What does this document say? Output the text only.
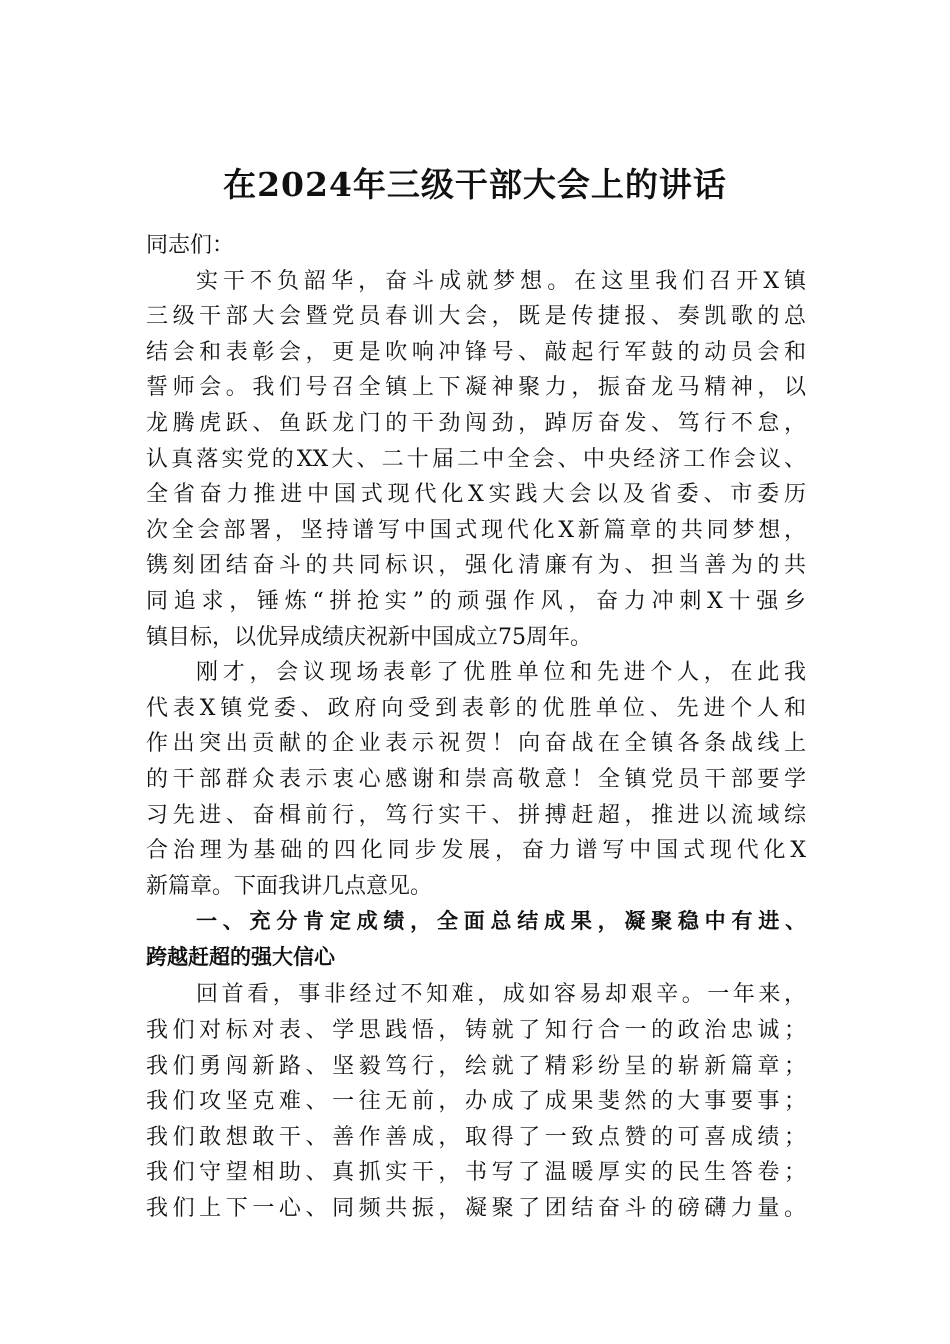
在2024年三级干部大会上的讲话
同志们：
实干不负韶华，奋斗成就梦想。在这里我们召开X镇
三级干部大会暨党员春训大会，既是传捷报、奏凯歌的总
结会和表彰会，更是吹响冲锋号、敲起行军鼓的动员会和
誓师会。我们号召全镇上下凝神聚力，振奋龙马精神，以
龙腾虎跃、鱼跃龙门的干劲闯劲，踔厉奋发、笃行不怠，
认真落实党的XX大、二十届二中全会、中央经济工作会议、
全省奋力推进中国式现代化X实践大会以及省委、市委历
次全会部署，坚持谱写中国式现代化X新篇章的共同梦想，
镌刻团结奋斗的共同标识，强化清廉有为、担当善为的共
同追求，锤炼“拼抢实”的顽强作风，奋力冲刺X十强乡
镇目标，以优异成绩庆祝新中国成立75周年。
刚才，会议现场表彰了优胜单位和先进个人，在此我
代表X镇党委、政府向受到表彰的优胜单位、先进个人和
作出突出贡献的企业表示祝贺！向奋战在全镇各条战线上
的干部群众表示衷心感谢和崇高敬意！全镇党员干部要学
习先进、奋楫前行，笃行实干、拼搏赶超，推进以流域综
合治理为基础的四化同步发展，奋力谱写中国式现代化X
新篇章。下面我讲几点意见。
一、充分肯定成绩，全面总结成果，凝聚稳中有进、
跨越赶超的强大信心
回首看，事非经过不知难，成如容易却艰辛。一年来，
我们对标对表、学思践悟，铸就了知行合一的政治忠诚；
我们勇闯新路、坚毅笃行，绘就了精彩纷呈的崭新篇章；
我们攻坚克难、一往无前，办成了成果斐然的大事要事；
我们敢想敢干、善作善成，取得了一致点赞的可喜成绩；
我们守望相助、真抓实干，书写了温暖厚实的民生答卷；
我们上下一心、同频共振，凝聚了团结奋斗的磅礴力量。
